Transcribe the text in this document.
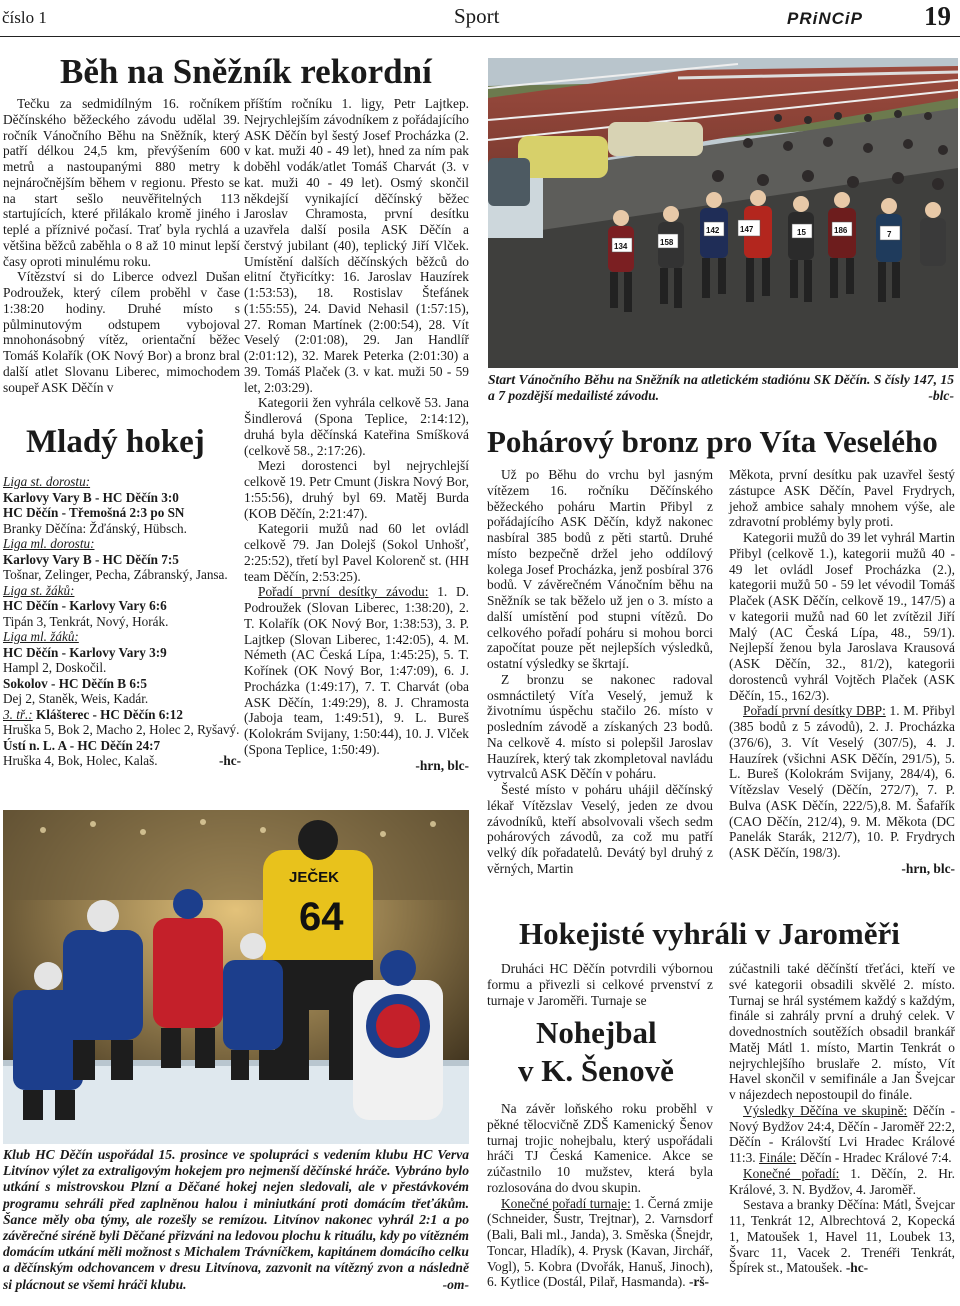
číslo 1	Sport	PRiNCiP 19
Běh na Sněžník rekordní

Tečku za sedmidílným 16. ročníkem Děčínského běžeckého závodu udělal 39. ročník Vánočního Běhu na Sněžník, který patří délkou 24,5 km, převýšením 600 metrů a nastoupanými 880 metry k nejnáročnějším během v regionu. Přesto se na start sešlo neuvěřitelných 113 startujících, které přilákalo kromě jiného i teplé a příznivé počasí. Trať byla rychlá a většina běžců zaběhla o 8 až 10 minut lepší časy oproti minulému roku.

Vítězství si do Liberce odvezl Dušan Podroužek, který cílem proběhl v čase 1:38:20 hodiny. Druhé místo s půlminutovým odstupem vybojoval mnohonásobný vítěz, orientační běžec Tomáš Kolařík (OK Nový Bor) a bronz bral další atlet Slovanu Liberec, mimochodem soupeř ASK Děčín v

příštím ročníku 1. ligy, Petr Lajtkep. Nejrychlejším závodníkem z pořádajícího ASK Děčín byl šestý Josef Procházka (2. v kat. muži 40 - 49 let), hned za ním pak doběhl vodák/atlet Tomáš Charvát (3. v kat. muži 40 - 49 let). Osmý skončil někdejší vynikající děčínský běžec Jaroslav Chramosta, první desítku uzavřela další posila ASK Děčín a čerstvý jubilant (40), teplický Jiří Vlček. Umístění dalších děčínských běžců do elitní čtyřicítky: 16. Jaroslav Hauzírek (1:53:53), 18. Rostislav Štefánek (1:55:55), 24. David Nehasil (1:57:15), 27. Roman Martínek (2:00:54), 28. Vít Veselý (2:01:08), 29. Jan Handlíř (2:01:12), 32. Marek Peterka (2:01:30) a 39. Tomáš Plaček (3. v kat. muži 50 - 59 let, 2:03:29).

Kategorii žen vyhrála celkově 53. Jana Šindlerová (Spona Teplice, 2:14:12), druhá byla děčínská Kateřina Smíšková (celkově 58., 2:17:26).

Mezi dorostenci byl nejrychlejší celkově 19. Petr Cmunt (Jiskra Nový Bor, 1:55:56), druhý byl 69. Matěj Burda (KOB Děčín, 2:21:47).

Kategorii mužů nad 60 let ovládl celkově 79. Jan Dolejš (Sokol Unhošť, 2:25:52), třetí byl Pavel Kolorenč st. (HH team Děčín, 2:53:25).

Pořadí první desítky závodu: 1. D. Podroužek (Slovan Liberec, 1:38:20), 2. T. Kolařík (OK Nový Bor, 1:38:53), 3. P. Lajtkep (Slovan Liberec, 1:42:05), 4. M. Németh (AC Česká Lípa, 1:45:25), 5. T. Kořínek (OK Nový Bor, 1:47:09), 6. J. Procházka (1:49:17), 7. T. Charvát (oba ASK Děčín, 1:49:29), 8. J. Chramosta (Jaboja team, 1:49:51), 9. L. Bureš (Kolokrám Svijany, 1:50:44), 10. J. Vlček (Spona Teplice, 1:50:49).

-hrn, blc-
147	15
158
7
142
134
186
Start Vánočního Běhu na Sněžník na atletickém stadiónu SK Děčín. S čísly 147, 15 a 7 pozdější medailisté závodu.	-blc-
Mladý hokej
Liga st. dorostu:
Karlovy Vary B - HC Děčín 3:0
HC Děčín - Třemošná 2:3 po SN
Branky Děčína: Žďánský, Hübsch.
Liga ml. dorostu:
Karlovy Vary B - HC Děčín 7:5
Tošnar, Zelinger, Pecha, Zábranský, Jansa.
Liga st. žáků:
HC Děčín - Karlovy Vary 6:6
Tipán 3, Tenkrát, Nový, Horák.
Liga ml. žáků:
HC Děčín - Karlovy Vary 3:9
Hampl 2, Doskočil.
Sokolov - HC Děčín B 6:5
Dej 2, Staněk, Weis, Kadár.
3. tř.: Klášterec - HC Děčín 6:12
Hruška 5, Bok 2, Macho 2, Holec 2, Ryšavý.
Ústí n. L. A - HC Děčín 24:7
Hruška 4, Bok, Holec, Kalaš.	-hc-
JEČEK
64
Klub HC Děčín uspořádal 15. prosince ve spolupráci s vedením klubu HC Verva Litvínov výlet za extraligovým hokejem pro nejmenší děčínské hráče. Vybráno bylo utkání s mistrovskou Plzní a Děčané hokej nejen sledovali, ale v přestávkovém programu sehráli před zaplněnou halou i miniutkání proti domácím třeťákům. Šance měly oba týmy, ale rozešly se remízou. Litvínov nakonec vyhrál 2:1 a po závěrečné siréně byli Děčané přizváni na ledovou plochu k rituálu, kdy po vítězném domácím utkání měli možnost s Michalem Trávníčkem, kapitánem domácího celku a děčínským odchovancem v dresu Litvínova, zazvonit na vítězný zvon a následně si plácnout se všemi hráči klubu.	-om-
Pohárový bronz pro Víta Veselého

Už po Běhu do vrchu byl jasným vítězem 16. ročníku Děčínského běžeckého poháru Martin Přibyl z pořádajícího ASK Děčín, když nakonec nasbíral 385 bodů z pěti startů. Druhé místo bezpečně držel jeho oddílový kolega Josef Procházka, jenž posbíral 376 bodů. V závěrečném Vánočním běhu na Sněžník se tak běželo už jen o 3. místo a další umístění pod stupni vítězů. Do celkového pořadí poháru si mohou borci započítat pouze pět nejlepších výsledků, ostatní výsledky se škrtají.

Z bronzu se nakonec radoval osmnáctiletý Víťa Veselý, jemuž k životnímu úspěchu stačilo 26. místo v posledním závodě a získaných 23 bodů. Na celkově 4. místo si polepšil Jaroslav Hauzírek, který tak zkompletoval navládu vytrvalců ASK Děčín v poháru.

Šesté místo v poháru uhájil děčínský lékař Vítězslav Veselý, jeden ze dvou závodníků, kteří absolvovali všech sedm pohárových závodů, za což mu patří velký dík pořadatelů. Devátý byl druhý z věrných, Martin

Měkota, první desítku pak uzavřel šestý zástupce ASK Děčín, Pavel Frydrych, jehož ambice sahaly mnohem výše, ale zdravotní problémy byly proti.

Kategorii mužů do 39 let vyhrál Martin Přibyl (celkově 1.), kategorii mužů 40 - 49 let ovládl Josef Procházka (2.), kategorii mužů 50 - 59 let vévodil Tomáš Plaček (ASK Děčín, celkově 19., 147/5) a v kategorii mužů nad 60 let zvítězil Jiří Malý (AC Česká Lípa, 48., 59/1). Nejlepší ženou byla Jaroslava Krausová (ASK Děčín, 32., 81/2), kategorii dorostenců vyhrál Vojtěch Plaček (ASK Děčín, 15., 162/3).

Pořadí první desítky DBP: 1. M. Přibyl (385 bodů z 5 závodů), 2. J. Procházka (376/6), 3. Vít Veselý (307/5), 4. J. Hauzírek (všichni ASK Děčín, 291/5), 5. L. Bureš (Kolokrám Svijany, 284/4), 6. Vítězslav Veselý (Děčín, 272/7), 7. P. Bulva (ASK Děčín, 222/5),8. M. Šafařík (CAO Děčín, 212/4), 9. M. Měkota (DC Panelák Starák, 212/7), 10. P. Frydrych (ASK Děčín, 198/3).

-hrn, blc-
Hokejisté vyhráli v Jaroměři

Druháci HC Děčín potvrdili výbornou formu a přivezli si celkové prvenství z turnaje v Jaroměři. Turnaje se

Nohejbal
v K. Šenově

Na závěr loňského roku proběhl v pěkné tělocvičně ZDŠ Kamenický Šenov turnaj trojic nohejbalu, který uspořádali hráči TJ Česká Kamenice. Akce se zúčastnilo 10 mužstev, která byla rozlosována do dvou skupin.

Konečné pořadí turnaje: 1. Černá zmije (Schneider, Šustr, Trejtnar), 2. Varnsdorf (Bali, Bali ml., Janda), 3. Směska (Šnejdr, Toncar, Hladík), 4. Prysk (Kavan, Jirchář, Vogl), 5. Kobra (Dvořák, Hanuš, Jinoch), 6. Kytlice (Dostál, Pilař, Hasmanda). -rš-

zúčastnili také děčínští třeťáci, kteří ve své kategorii obsadili skvělé 2. místo. Turnaj se hrál systémem každý s každým, finále si zahrály první a druhý celek. V dovednostních soutěžích obsadil brankář Matěj Mátl 1. místo, Martin Tenkrát o nejrychlejšího bruslaře 2. místo, Vít Havel skončil v semifinále a Jan Švejcar v nájezdech nepostoupil do finále.

Výsledky Děčína ve skupině: Děčín - Nový Bydžov 24:4, Děčín - Jaroměř 22:2, Děčín - Královští Lvi Hradec Králové 11:3. Finále: Děčín - Hradec Králové 7:4.

Konečné pořadí: 1. Děčín, 2. Hr. Králové, 3. N. Bydžov, 4. Jaroměř.

Sestava a branky Děčína: Mátl, Švejcar 11, Tenkrát 12, Albrechtová 2, Kopecká 1, Matoušek 1, Havel 11, Loubek 13, Švarc 11, Vacek 2. Trenéři Tenkrát, Špírek st., Matoušek. -hc-
